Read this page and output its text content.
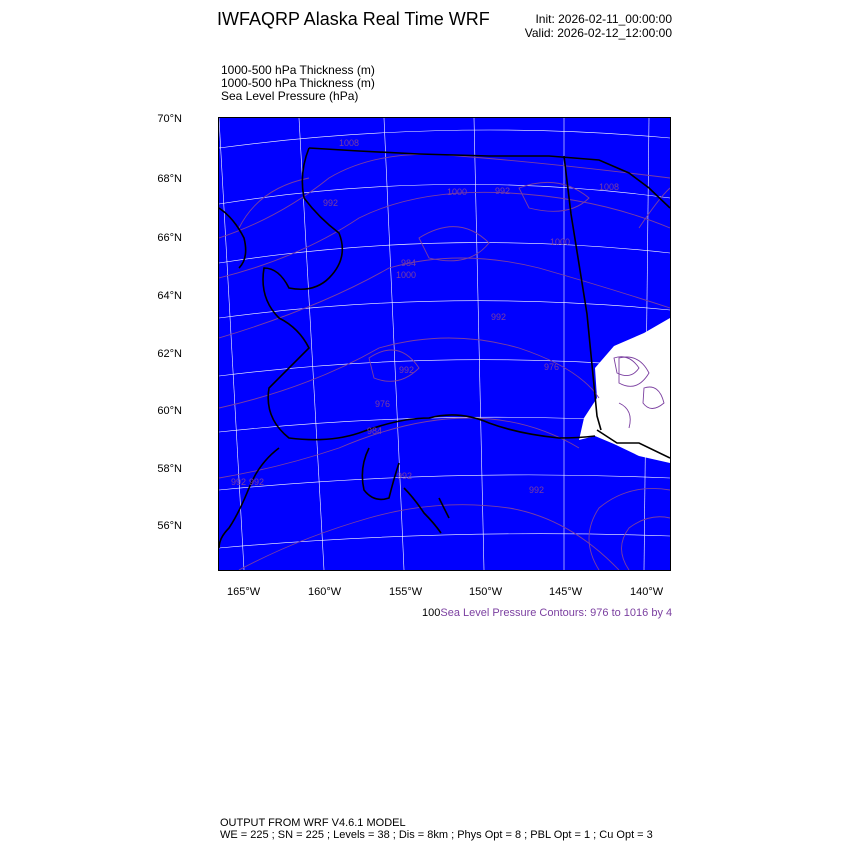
IWFAQRP Alaska Real Time WRF	Init: 2026-02-11_00:00:00
Valid: 2026-02-12_12:00:00
1000-500 hPa Thickness (m)
1000-500 hPa Thickness (m)
Sea Level Pressure (hPa)
1008
992
1000
992
1000
984
1000
992
992
1008
992
976
984
992
992
976
992
70°N
68°N
66°N
64°N
62°N
60°N
58°N
56°N
165°W	160°W	155°W	150°W	145°W	140°W
100Sea Level Pressure Contours: 976 to 1016 by 4
OUTPUT FROM WRF V4.6.1 MODEL
WE = 225 ; SN = 225 ; Levels = 38 ; Dis = 8km ; Phys Opt = 8 ; PBL Opt = 1 ; Cu Opt = 3
